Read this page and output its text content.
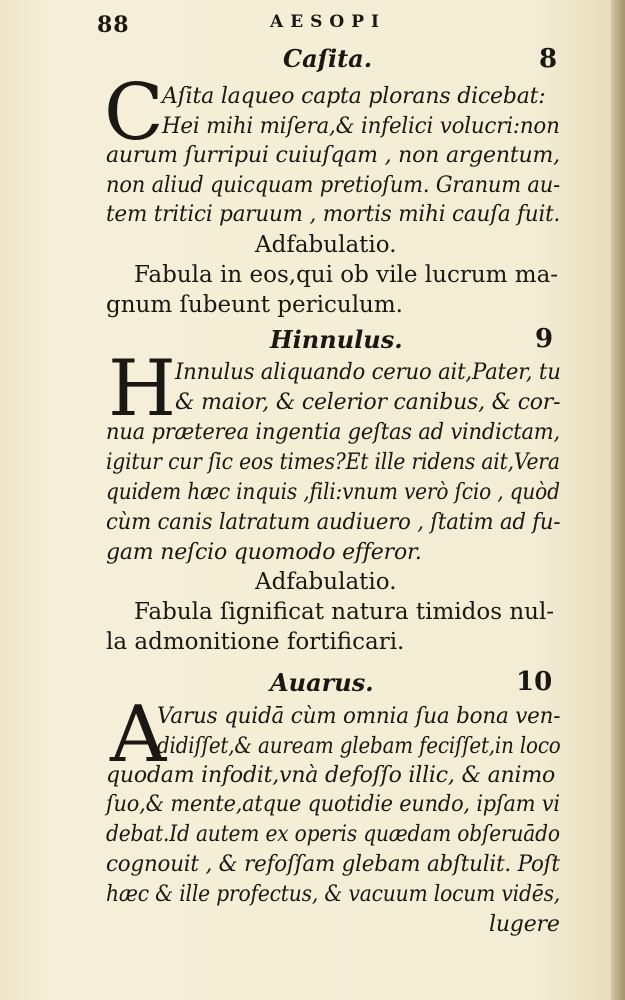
88	AESOPI
Caſita.	8
C
Aſita laqueo capta plorans dicebat:
Hei mihi miſera,& infelici volucri:non
aurum ſurripui cuiuſqam , non argentum,
non aliud quicquam pretioſum. Granum au-
tem tritici paruum , mortis mihi cauſa fuit.
Adfabulatio.
Fabula in eos,qui ob vile lucrum ma-
gnum ſubeunt periculum.
Hinnulus.	9
H
Innulus aliquando ceruo ait,Pater, tu
& maior, & celerior canibus, & cor-
nua præterea ingentia geſtas ad vindictam,
igitur cur ſic eos times?Et ille ridens ait,Vera
quidem hæc inquis ,fili:vnum verò ſcio , quòd
cùm canis latratum audiuero , ſtatim ad fu-
gam neſcio quomodo efferor.
Adfabulatio.
Fabula ſignificat natura timidos nul-
la admonitione fortificari.
Auarus.	10
A
Varus quidā cùm omnia ſua bona ven-
didiſſet,& auream glebam feciſſet,in loco
quodam infodit,vnà defoſſo illic, & animo
ſuo,& mente,atque quotidie eundo, ipſam vi
debat.Id autem ex operis quædam obſeruādo
cognouit , & refoſſam glebam abſtulit. Poſt
hæc & ille profectus, & vacuum locum vidēs,
lugere
